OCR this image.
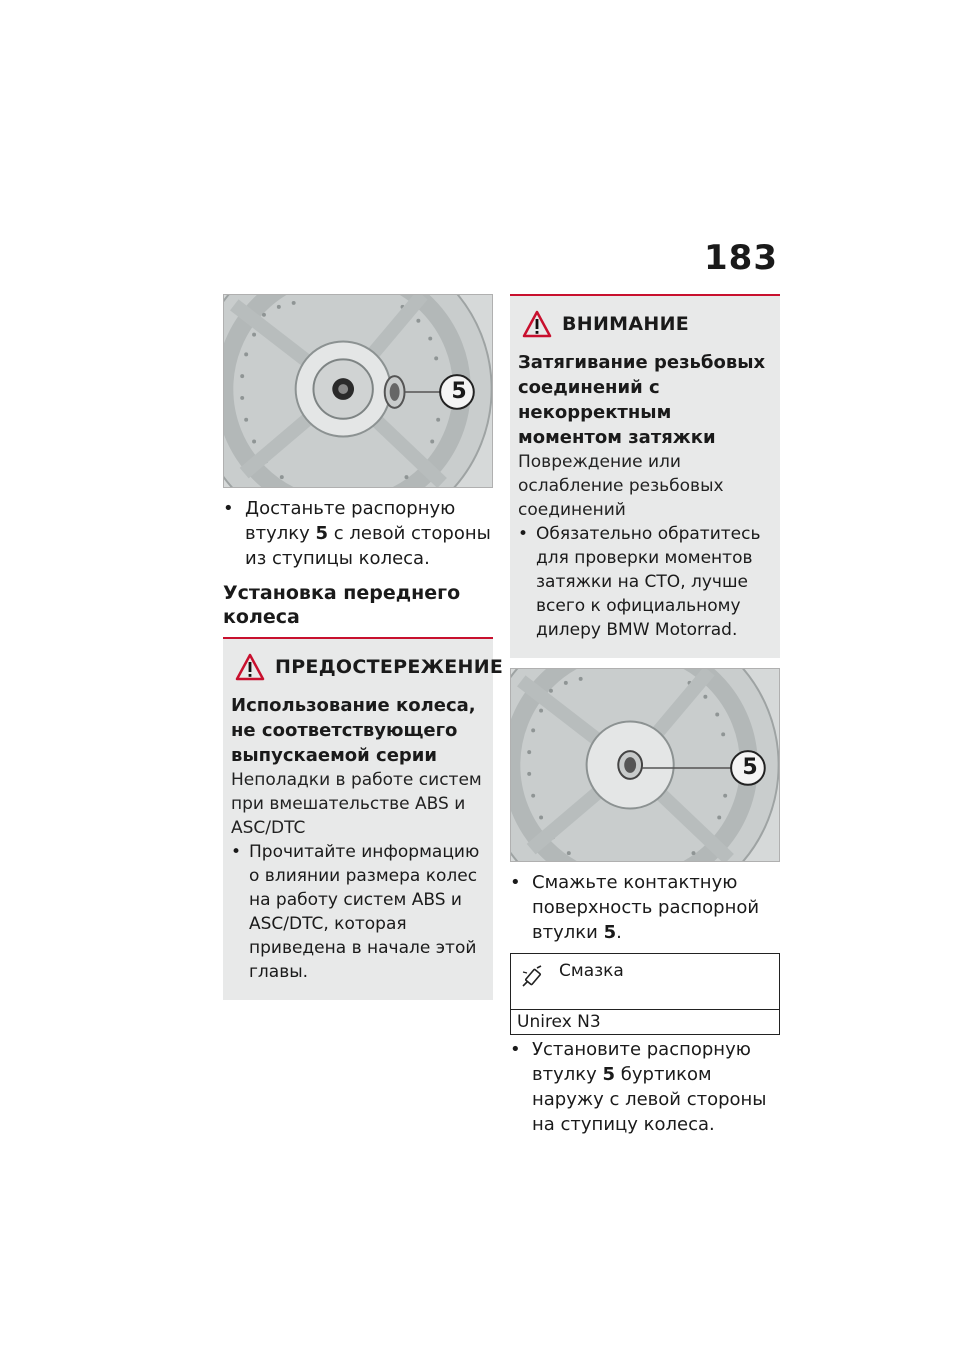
183
5
• Достаньте распорную втулку 5 с левой стороны из ступицы колеса.
Установка переднего колеса
ПРЕДОСТЕРЕЖЕНИЕ
Использование колеса, не соответствующего выпускаемой серии
Неполадки в работе систем при вмешательстве ABS и ASC/DTC
• Прочитайте информацию о влиянии размера колес на работу систем ABS и ASC/DTC, которая приведена в начале этой главы.
ВНИМАНИЕ
Затягивание резьбовых соединений с некорректным моментом затяжки
Повреждение или ослабление резьбовых соединений
• Обязательно обратитесь для проверки моментов затяжки на СТО, лучше всего к официальному дилеру BMW Motorrad.
5
• Смажьте контактную поверхность распорной втулки 5.
Смазка
Unirex N3
• Установите распорную втулку 5 буртиком наружу с левой стороны на ступицу колеса.
